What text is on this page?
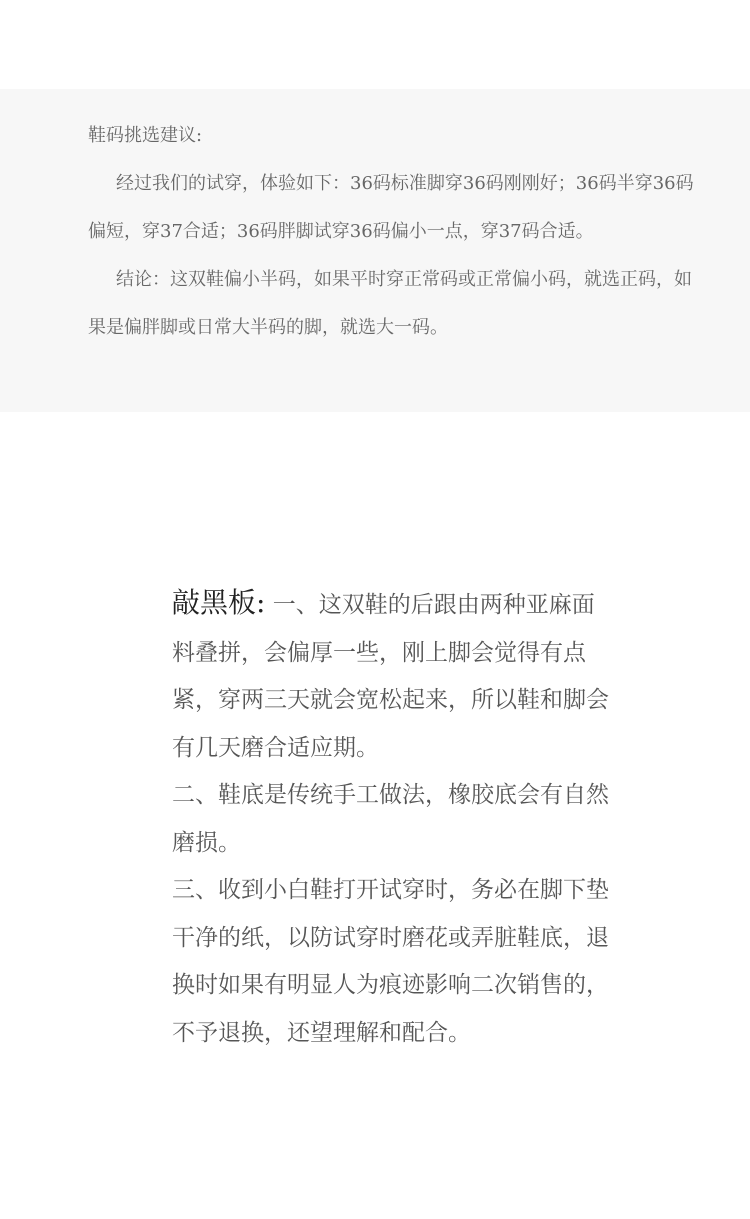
鞋码挑选建议:

经过我们的试穿，体验如下：36码标准脚穿36码刚刚好；36码半穿36码偏短，穿37合适；36码胖脚试穿36码偏小一点，穿37码合适。

结论：这双鞋偏小半码，如果平时穿正常码或正常偏小码，就选正码，如果是偏胖脚或日常大半码的脚，就选大一码。

敲黑板: 一、这双鞋的后跟由两种亚麻面料叠拼，会偏厚一些，刚上脚会觉得有点紧，穿两三天就会宽松起来，所以鞋和脚会有几天磨合适应期。

二、鞋底是传统手工做法，橡胶底会有自然磨损。

三、收到小白鞋打开试穿时，务必在脚下垫干净的纸，以防试穿时磨花或弄脏鞋底，退换时如果有明显人为痕迹影响二次销售的，不予退换，还望理解和配合。
